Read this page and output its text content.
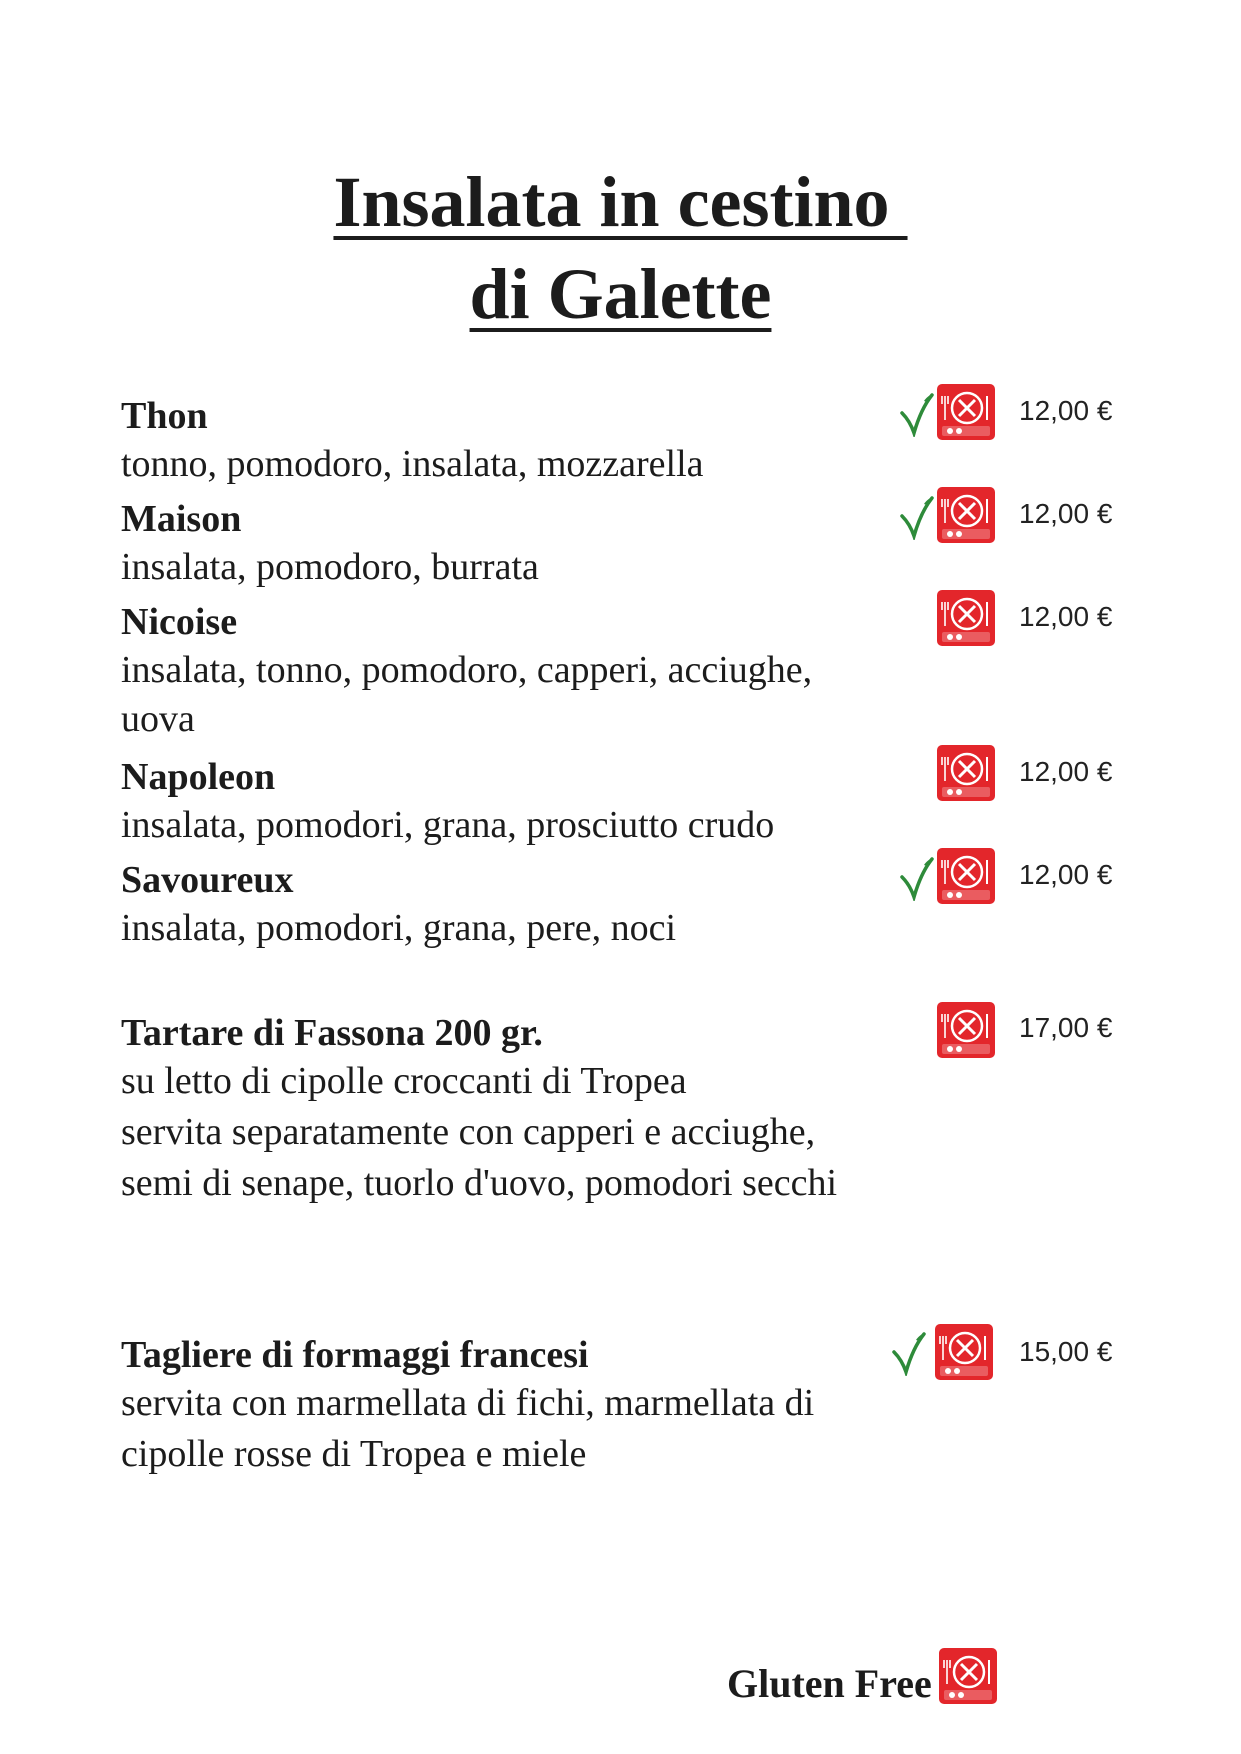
Insalata in cestino
di Galette
Thon
tonno, pomodoro, insalata, mozzarella
12,00 €
Maison
insalata, pomodoro, burrata
12,00 €
Nicoise
insalata, tonno, pomodoro, capperi, acciughe,
uova
12,00 €
Napoleon
insalata, pomodori, grana, prosciutto crudo
12,00 €
Savoureux
insalata, pomodori, grana, pere, noci
12,00 €
Tartare di Fassona 200 gr.
su letto di cipolle croccanti di Tropea
servita separatamente con capperi e acciughe,
semi di senape, tuorlo d'uovo, pomodori secchi
17,00 €
Tagliere di formaggi francesi
servita con marmellata di fichi, marmellata di
cipolle rosse di Tropea e miele
15,00 €
Gluten Free
